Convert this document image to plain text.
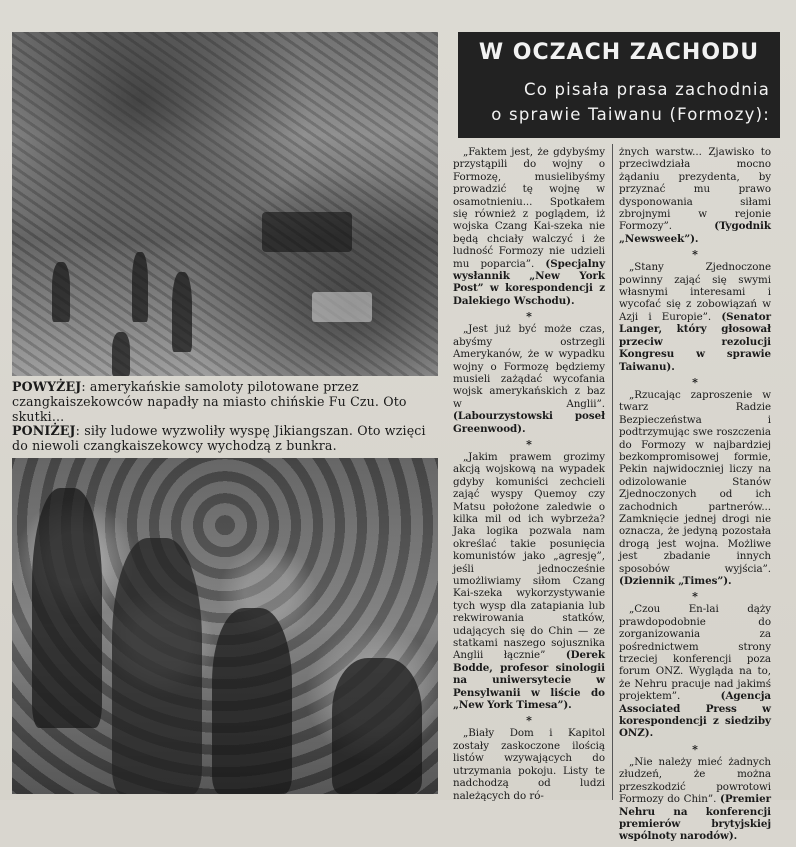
POWYŻEJ: amerykańskie samoloty pilotowane przez czangkaiszekowców napadły na miasto chińskie Fu Czu. Oto skutki...
PONIŻEJ: siły ludowe wyzwoliły wyspę Jikiangszan. Oto wzięci do niewoli czangkaiszekowcy wychodzą z bunkra.
W OCZACH ZACHODU
Co pisała prasa zachodnia
o sprawie Taiwanu (Formozy):

„Faktem jest, że gdybyśmy przystąpili do wojny o Formozę, musielibyśmy prowadzić tę wojnę w osamotnieniu... Spotkałem się również z poglądem, iż wojska Czang Kai-szeka nie będą chciały walczyć i że ludność Formozy nie udzieli mu poparcia”. (Specjalny wysłannik „New York Post” w korespondencji z Dalekiego Wschodu).

*

„Jest już być może czas, abyśmy ostrzegli Amerykanów, że w wypadku wojny o Formozę będziemy musieli zażądać wycofania wojsk amerykańskich z baz w Anglii”. (Labourzystowski poseł Greenwood).

*

„Jakim prawem grozimy akcją wojskową na wypadek gdyby komuniści zechcieli zająć wyspy Quemoy czy Matsu położone zaledwie o kilka mil od ich wybrzeża? Jaka logika pozwala nam określać takie posunięcia komunistów jako „agresję”, jeśli jednocześnie umożliwiamy siłom Czang Kai-szeka wykorzystywanie tych wysp dla zatapiania lub rekwirowania statków, udających się do Chin — ze statkami naszego sojusznika Anglii łącznie” (Derek Bodde, profesor sinologii na uniwersytecie w Pensylwanii w liście do „New York Timesa”).

*

„Biały Dom i Kapitol zostały zaskoczone ilością listów wzywających do utrzymania pokoju. Listy te nadchodzą od ludzi należących do ró-

żnych warstw... Zjawisko to przeciwdziała mocno żądaniu prezydenta, by przyznać mu prawo dysponowania siłami zbrojnymi w rejonie Formozy”.	(Tygodnik „Newsweek”).

*

„Stany Zjednoczone powinny zająć się swymi własnymi interesami i wycofać się z zobowiązań w Azji i Europie”. (Senator Langer, który głosował przeciw rezolucji Kongresu w sprawie Taiwanu).

*

„Rzucając zaproszenie w twarz Radzie Bezpieczeństwa i podtrzymując swe roszczenia do Formozy w najbardziej bezkompromisowej formie, Pekin najwidoczniej liczy na odizolowanie Stanów Zjednoczonych od ich zachodnich partnerów... Zamknięcie jednej drogi nie oznacza, że jedyną pozostała drogą jest wojna. Możliwe jest zbadanie innych sposobów wyjścia”. (Dziennik „Times”).

*

„Czou En-lai dąży prawdopodobnie do zorganizowania za pośrednictwem strony trzeciej konferencji poza forum ONZ. Wygląda na to, że Nehru pracuje nad jakimś projektem”.	(Agencja Associated Press w korespondencji z siedziby ONZ).

*

„Nie należy mieć żadnych złudzeń, że można przeszkodzić powrotowi Formozy do Chin”. (Premier Nehru na konferencji premierów brytyjskiej wspólnoty narodów).
